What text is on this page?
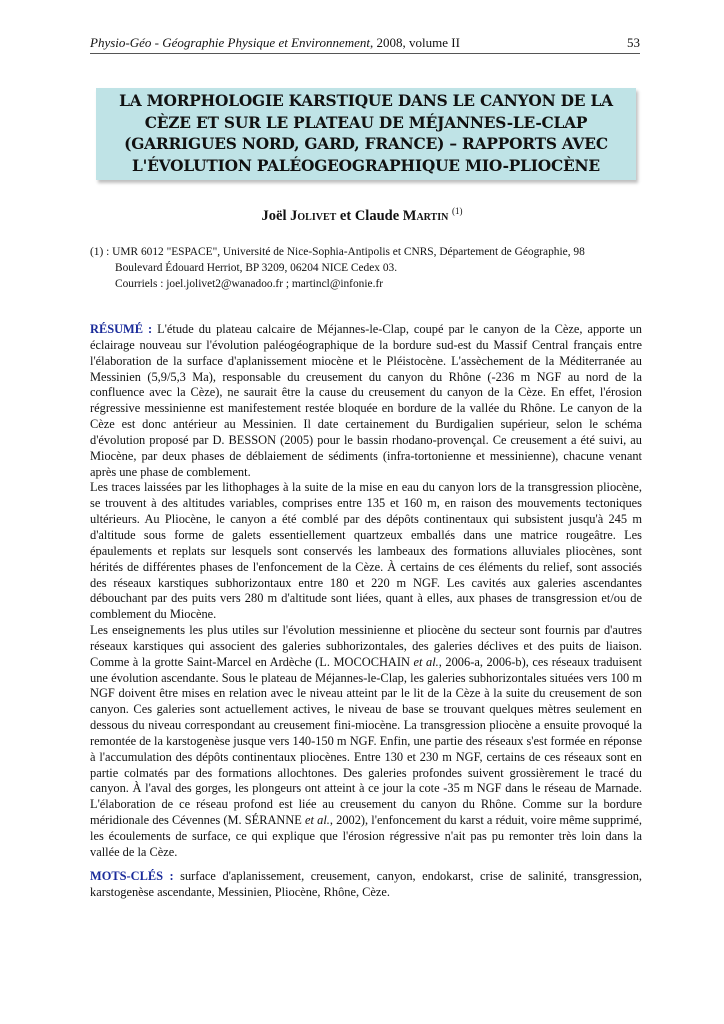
Physio-Géo - Géographie Physique et Environnement, 2008, volume II	53
LA MORPHOLOGIE KARSTIQUE DANS LE CANYON DE LA
CÈZE ET SUR LE PLATEAU DE MÉJANNES-LE-CLAP
(GARRIGUES NORD, GARD, FRANCE) – RAPPORTS AVEC
L'ÉVOLUTION PALÉOGEOGRAPHIQUE MIO-PLIOCÈNE
Joël Jolivet et Claude Martin $^{(1)}$
(1) : UMR 6012 "ESPACE", Université de Nice-Sophia-Antipolis et CNRS, Département de Géographie, 98
Boulevard Édouard Herriot, BP 3209, 06204 NICE Cedex 03.
Courriels : joel.jolivet2@wanadoo.fr ; martincl@infonie.fr

RÉSUMÉ : L'étude du plateau calcaire de Méjannes-le-Clap, coupé par le canyon de la Cèze, apporte un éclairage nouveau sur l'évolution paléogéographique de la bordure sud-est du Massif Central français entre l'élaboration de la surface d'aplanissement miocène et le Pléistocène. L'assèchement de la Méditerranée au Messinien (5,9/5,3 Ma), responsable du creusement du canyon du Rhône (-236 m NGF au nord de la confluence avec la Cèze), ne saurait être la cause du creusement du canyon de la Cèze. En effet, l'érosion régressive messinienne est manifestement restée bloquée en bordure de la vallée du Rhône. Le canyon de la Cèze est donc antérieur au Messinien. Il date certainement du Burdigalien supérieur, selon le schéma d'évolution proposé par D. BESSON (2005) pour le bassin rhodano-provençal. Ce creusement a été suivi, au Miocène, par deux phases de déblaiement de sédiments (infra-tortonienne et messinienne), chacune venant après une phase de comblement.

Les traces laissées par les lithophages à la suite de la mise en eau du canyon lors de la transgression pliocène, se trouvent à des altitudes variables, comprises entre 135 et 160 m, en raison des mouvements tectoniques ultérieurs. Au Pliocène, le canyon a été comblé par des dépôts continentaux qui subsistent jusqu'à 245 m d'altitude sous forme de galets essentiellement quartzeux emballés dans une matrice rougeâtre. Les épaulements et replats sur lesquels sont conservés les lambeaux des formations alluviales pliocènes, sont hérités de différentes phases de l'enfoncement de la Cèze. À certains de ces éléments du relief, sont associés des réseaux karstiques subhorizontaux entre 180 et 220 m NGF. Les cavités aux galeries ascendantes débouchant par des puits vers 280 m d'altitude sont liées, quant à elles, aux phases de transgression et/ou de comblement du Miocène.

Les enseignements les plus utiles sur l'évolution messinienne et pliocène du secteur sont fournis par d'autres réseaux karstiques qui associent des galeries subhorizontales, des galeries déclives et des puits de liaison. Comme à la grotte Saint-Marcel en Ardèche (L. MOCOCHAIN et al., 2006-a, 2006-b), ces réseaux traduisent une évolution ascendante. Sous le plateau de Méjannes-le-Clap, les galeries subhorizontales situées vers 100 m NGF doivent être mises en relation avec le niveau atteint par le lit de la Cèze à la suite du creusement de son canyon. Ces galeries sont actuellement actives, le niveau de base se trouvant quelques mètres seulement en dessous du niveau correspondant au creusement fini-miocène. La transgression pliocène a ensuite provoqué la remontée de la karstogenèse jusque vers 140-150 m NGF. Enfin, une partie des réseaux s'est formée en réponse à l'accumulation des dépôts continentaux pliocènes. Entre 130 et 230 m NGF, certains de ces réseaux sont en partie colmatés par des formations allochtones. Des galeries profondes suivent grossièrement le tracé du canyon. À l'aval des gorges, les plongeurs ont atteint à ce jour la cote -35 m NGF dans le réseau de Marnade. L'élaboration de ce réseau profond est liée au creusement du canyon du Rhône. Comme sur la bordure méridionale des Cévennes (M. SÉRANNE et al., 2002), l'enfoncement du karst a réduit, voire même supprimé, les écoulements de surface, ce qui explique que l'érosion régressive n'ait pas pu remonter très loin dans la vallée de la Cèze.

MOTS-CLÉS : surface d'aplanissement, creusement, canyon, endokarst, crise de salinité, transgression, karstogenèse ascendante, Messinien, Pliocène, Rhône, Cèze.
